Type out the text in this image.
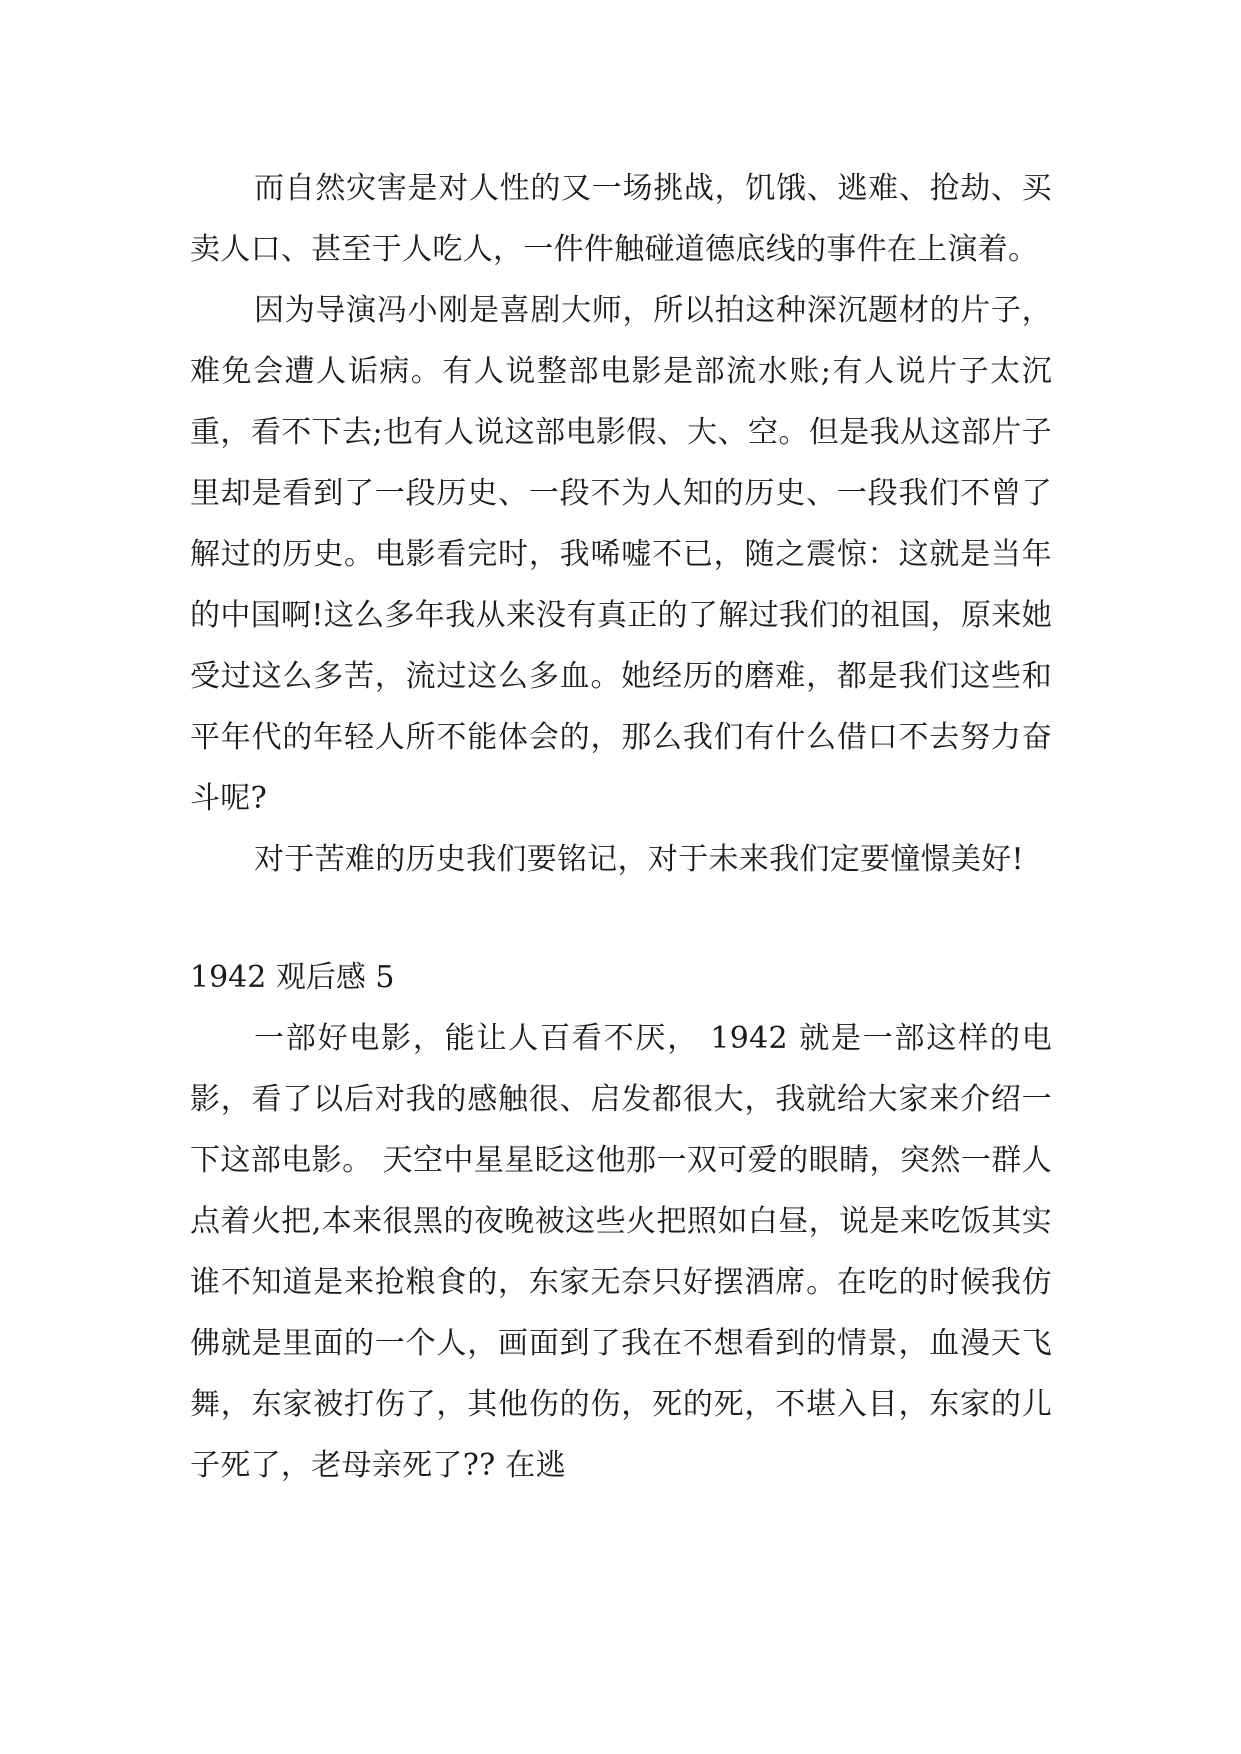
而自然灾害是对人性的又一场挑战，饥饿、逃难、抢劫、买卖人口、甚至于人吃人，一件件触碰道德底线的事件在上演着。

因为导演冯小刚是喜剧大师，所以拍这种深沉题材的片子，难免会遭人诟病。有人说整部电影是部流水账;有人说片子太沉重，看不下去;也有人说这部电影假、大、空。但是我从这部片子里却是看到了一段历史、一段不为人知的历史、一段我们不曾了解过的历史。电影看完时，我唏嘘不已，随之震惊：这就是当年的中国啊!这么多年我从来没有真正的了解过我们的祖国，原来她受过这么多苦，流过这么多血。她经历的磨难，都是我们这些和平年代的年轻人所不能体会的，那么我们有什么借口不去努力奋斗呢?

对于苦难的历史我们要铭记，对于未来我们定要憧憬美好!

1942 观后感 5

一部好电影，能让人百看不厌， 1942 就是一部这样的电影，看了以后对我的感触很、启发都很大，我就给大家来介绍一下这部电影。 天空中星星眨这他那一双可爱的眼睛，突然一群人点着火把,本来很黑的夜晚被这些火把照如白昼，说是来吃饭其实谁不知道是来抢粮食的，东家无奈只好摆酒席。在吃的时候我仿佛就是里面的一个人，画面到了我在不想看到的情景，血漫天飞舞，东家被打伤了，其他伤的伤，死的死，不堪入目，东家的儿子死了，老母亲死了?? 在逃
